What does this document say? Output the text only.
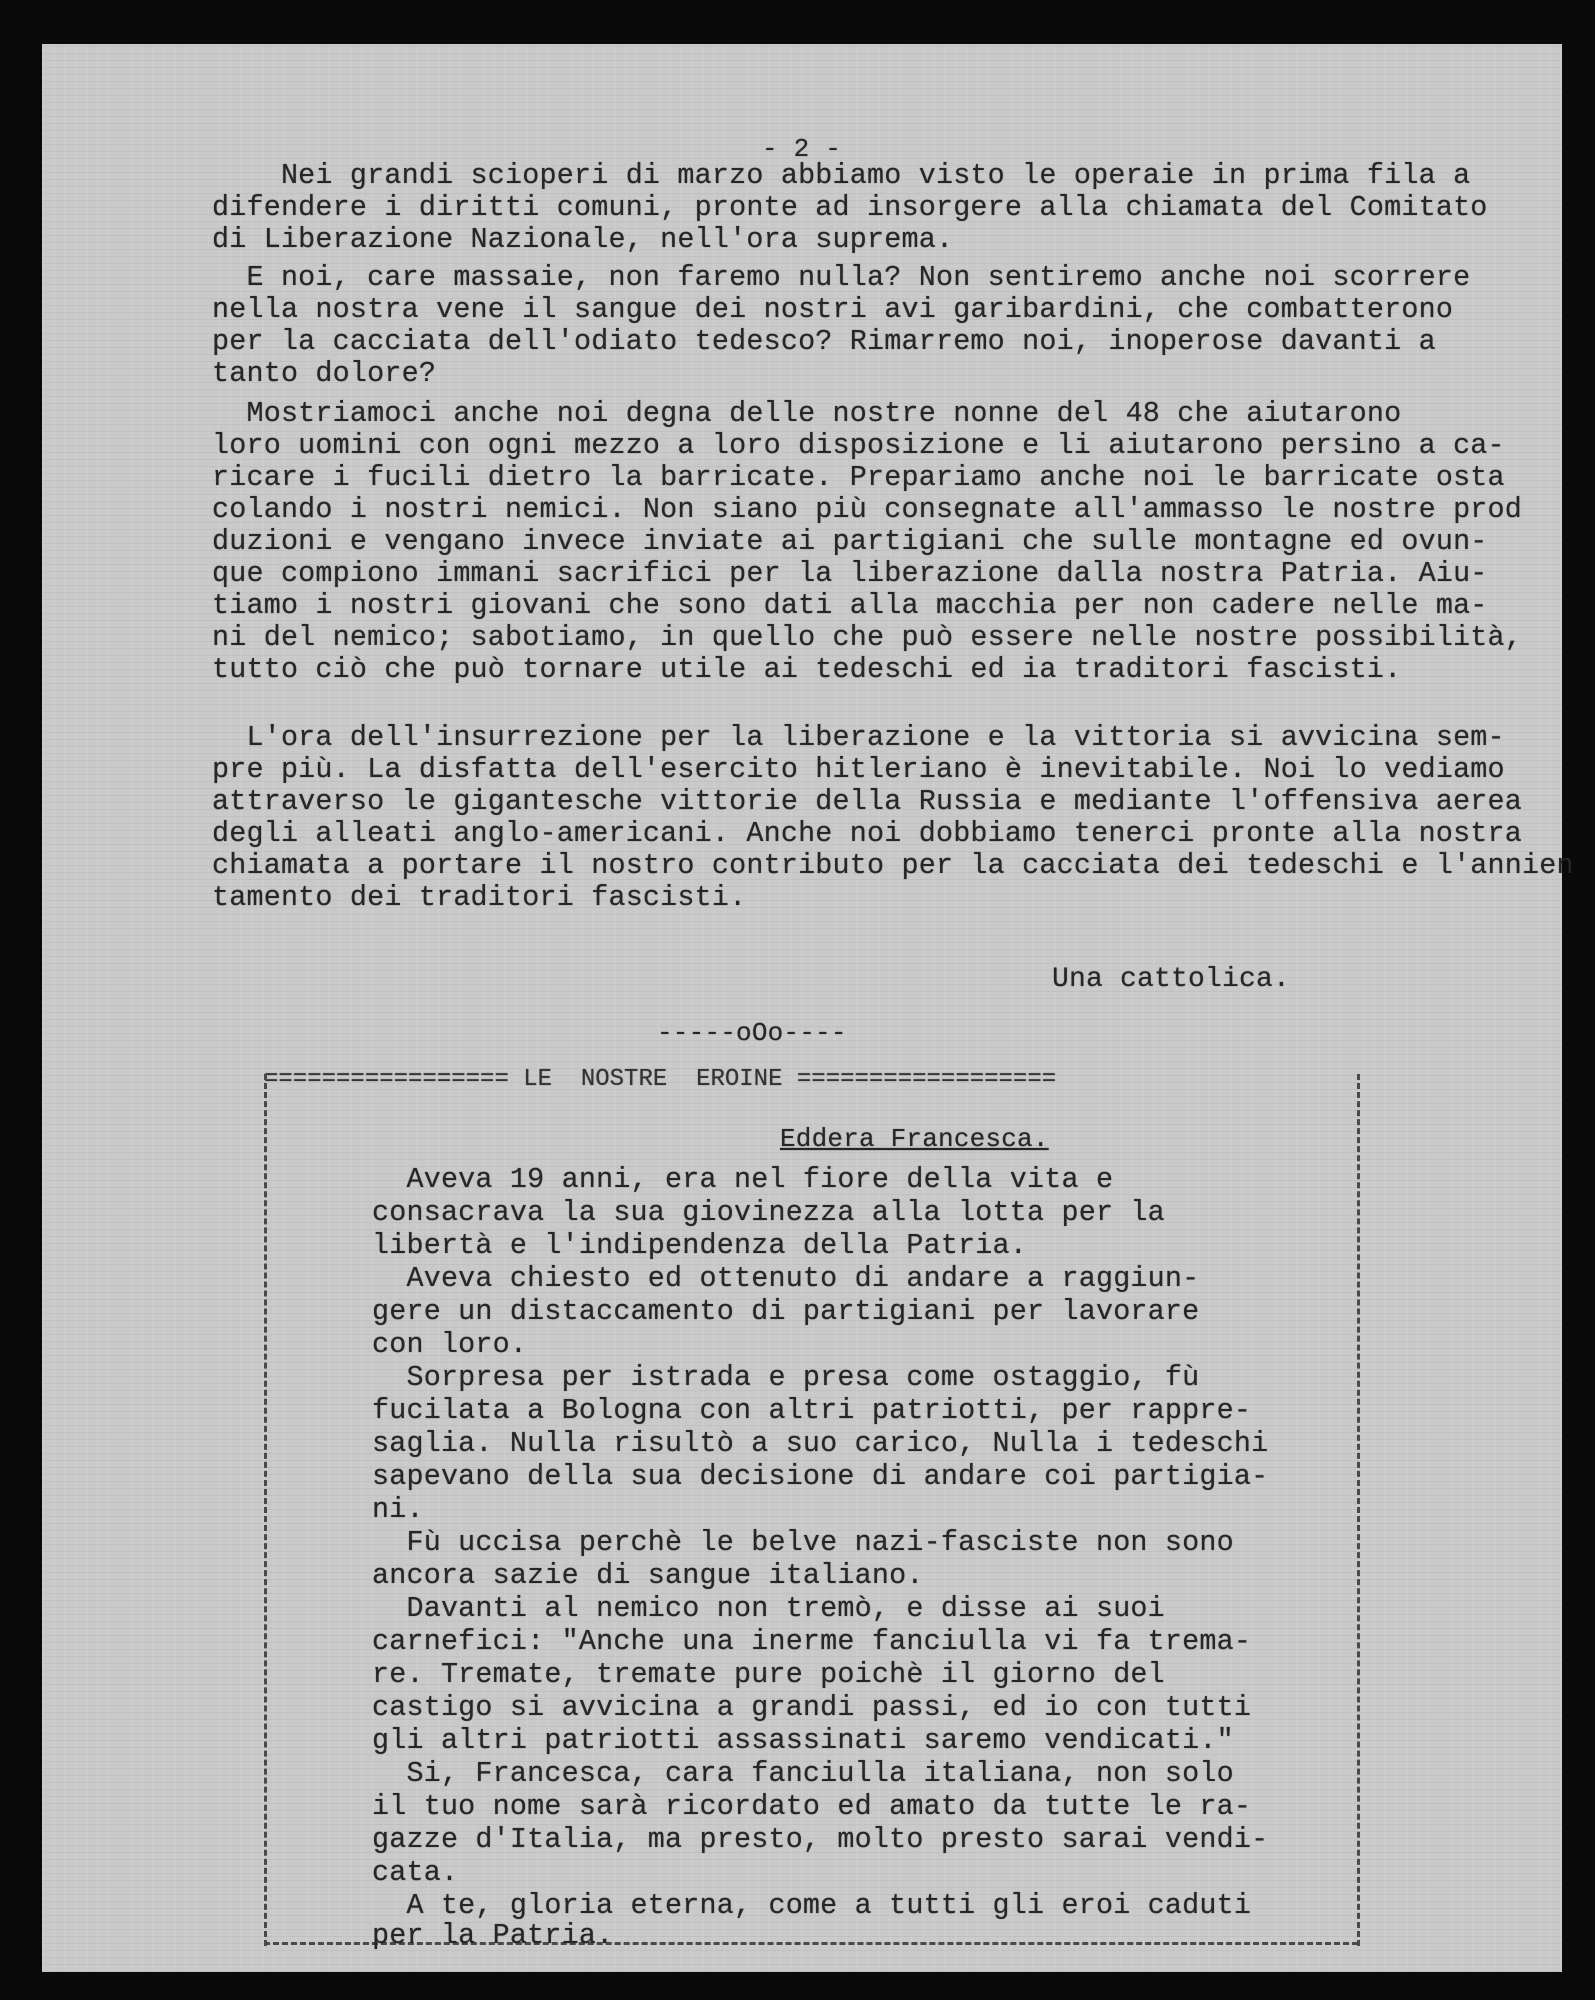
- 2 -
Nei grandi scioperi di marzo abbiamo visto le operaie in prima fila a
difendere i diritti comuni, pronte ad insorgere alla chiamata del Comitato
di Liberazione Nazionale, nell'ora suprema.
E noi, care massaie, non faremo nulla? Non sentiremo anche noi scorrere
nella nostra vene il sangue dei nostri avi garibardini, che combatterono
per la cacciata dell'odiato tedesco? Rimarremo noi, inoperose davanti a
tanto dolore?
Mostriamoci anche noi degna delle nostre nonne del 48 che aiutarono
loro uomini con ogni mezzo a loro disposizione e li aiutarono persino a ca-
ricare i fucili dietro la barricate. Prepariamo anche noi le barricate osta
colando i nostri nemici. Non siano più consegnate all'ammasso le nostre prod
duzioni e vengano invece inviate ai partigiani che sulle montagne ed ovun-
que compiono immani sacrifici per la liberazione dalla nostra Patria. Aiu-
tiamo i nostri giovani che sono dati alla macchia per non cadere nelle ma-
ni del nemico; sabotiamo, in quello che può essere nelle nostre possibilità,
tutto ciò che può tornare utile ai tedeschi ed ia traditori fascisti.
L'ora dell'insurrezione per la liberazione e la vittoria si avvicina sem-
pre più. La disfatta dell'esercito hitleriano è inevitabile. Noi lo vediamo
attraverso le gigantesche vittorie della Russia e mediante l'offensiva aerea
degli alleati anglo-americani. Anche noi dobbiamo tenerci pronte alla nostra
chiamata a portare il nostro contributo per la cacciata dei tedeschi e l'annien
tamento dei traditori fascisti.
Una cattolica.
-----oOo----
================= LE  NOSTRE  EROINE ==================
Eddera Francesca.
Aveva 19 anni, era nel fiore della vita e
consacrava la sua giovinezza alla lotta per la
libertà e l'indipendenza della Patria.
Aveva chiesto ed ottenuto di andare a raggiun-
gere un distaccamento di partigiani per lavorare
con loro.
Sorpresa per istrada e presa come ostaggio, fù
fucilata a Bologna con altri patriotti, per rappre-
saglia. Nulla risultò a suo carico, Nulla i tedeschi
sapevano della sua decisione di andare coi partigia-
ni.
Fù uccisa perchè le belve nazi-fasciste non sono
ancora sazie di sangue italiano.
Davanti al nemico non tremò, e disse ai suoi
carnefici: "Anche una inerme fanciulla vi fa trema-
re. Tremate, tremate pure poichè il giorno del
castigo si avvicina a grandi passi, ed io con tutti
gli altri patriotti assassinati saremo vendicati."
Si, Francesca, cara fanciulla italiana, non solo
il tuo nome sarà ricordato ed amato da tutte le ra-
gazze d'Italia, ma presto, molto presto sarai vendi-
cata.
A te, gloria eterna, come a tutti gli eroi caduti
per la Patria.
